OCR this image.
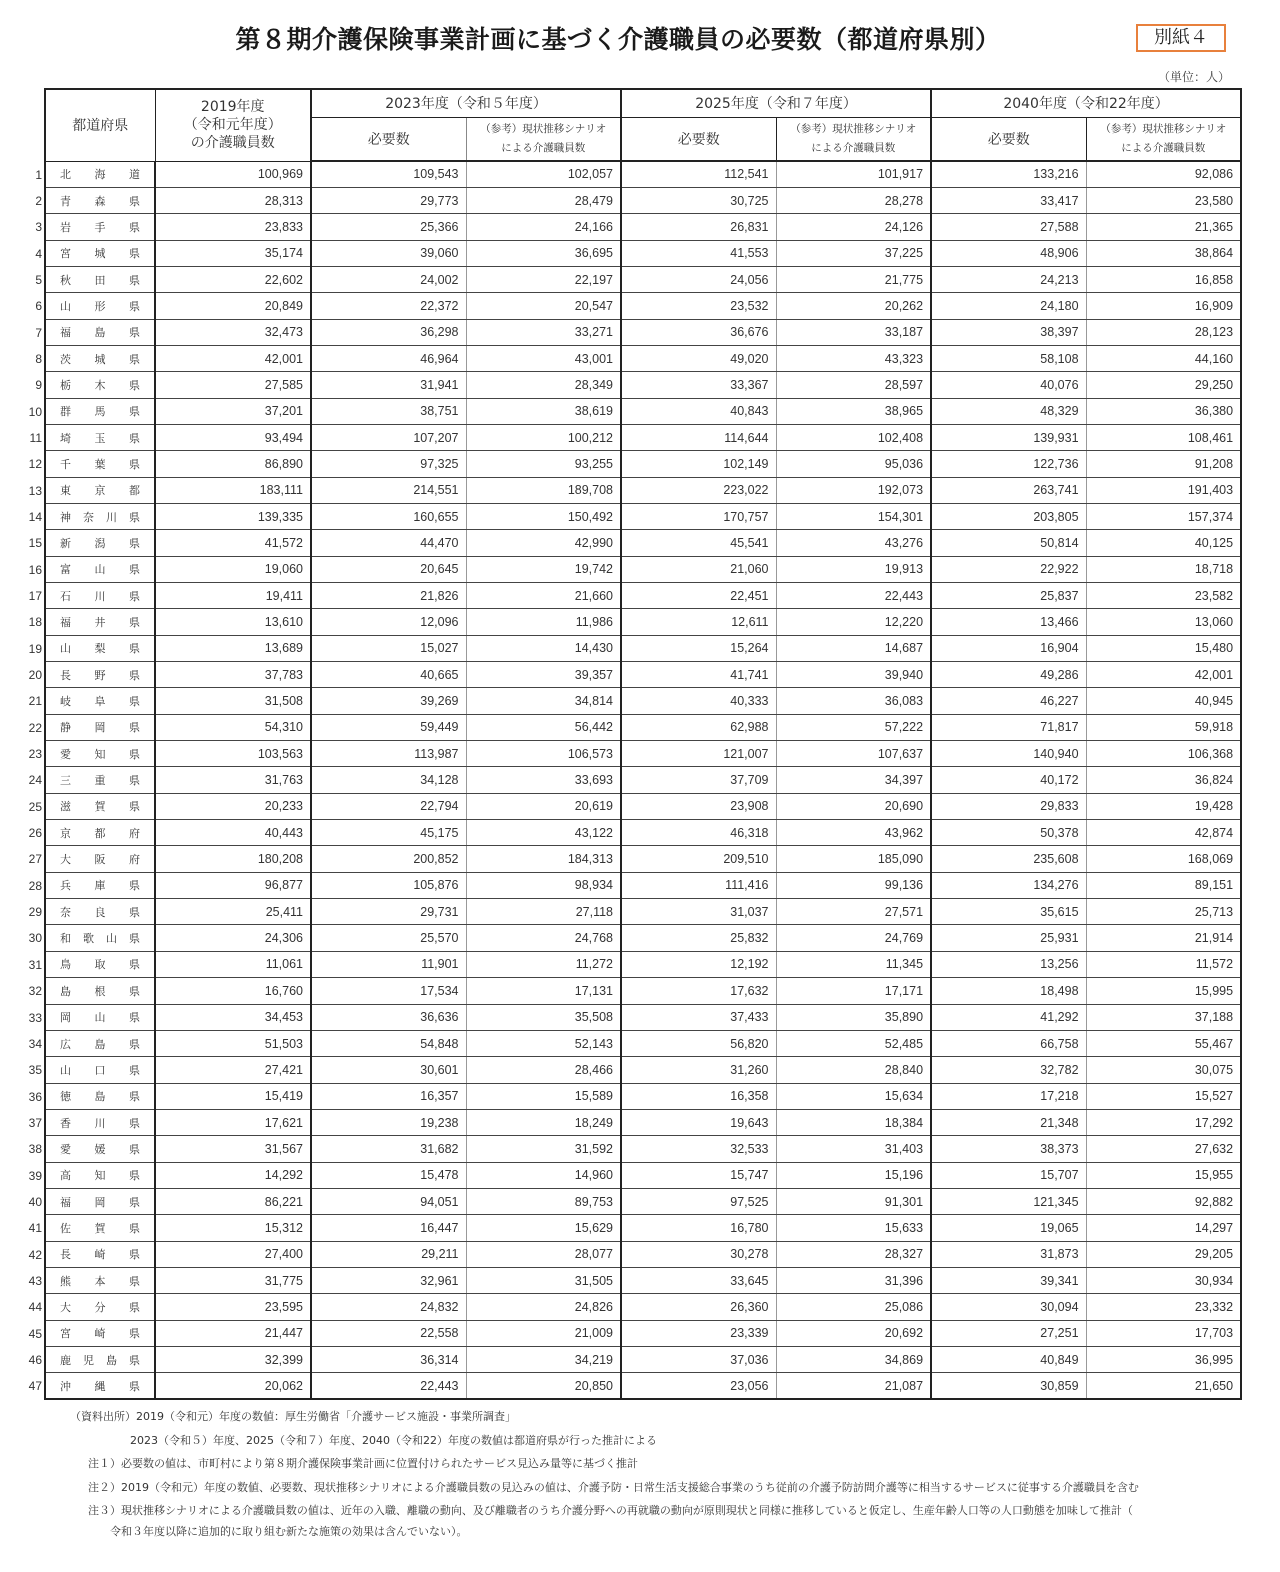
第８期介護保険事業計画に基づく介護職員の必要数（都道府県別）	別紙４
（単位：人）
都道府県	2019年度
（令和元年度）
の介護職員数	2023年度（令和５年度）		2025年度（令和７年度）		2040年度（令和22年度）	
必要数	
（参考）現状推移シナリオ
による介護職員数	必要数	
（参考）現状推移シナリオ
による介護職員数	必要数	
（参考）現状推移シナリオ
による介護職員数

1 北 海 道	100,969	109,543	102,057	112,541	101,917	133,216	92,086

2 青 森 県	28,313	29,773	28,479	30,725	28,278	33,417	23,580

3 岩 手 県	23,833	25,366	24,166	26,831	24,126	27,588	21,365

4 宮 城 県	35,174	39,060	36,695	41,553	37,225	48,906	38,864

5 秋 田 県	22,602	24,002	22,197	24,056	21,775	24,213	16,858

6 山 形 県	20,849	22,372	20,547	23,532	20,262	24,180	16,909

7 福 島 県	32,473	36,298	33,271	36,676	33,187	38,397	28,123

8 茨 城 県	42,001	46,964	43,001	49,020	43,323	58,108	44,160

9 栃 木 県	27,585	31,941	28,349	33,367	28,597	40,076	29,250

10 群 馬 県	37,201	38,751	38,619	40,843	38,965	48,329	36,380

11 埼 玉 県	93,494	107,207	100,212	114,644	102,408	139,931	108,461

12 千 葉 県	86,890	97,325	93,255	102,149	95,036	122,736	91,208

13 東 京 都	183,111	214,551	189,708	223,022	192,073	263,741	191,403

14 神 奈 川 県	139,335	160,655	150,492	170,757	154,301	203,805	157,374

15 新 潟 県	41,572	44,470	42,990	45,541	43,276	50,814	40,125

16 富 山 県	19,060	20,645	19,742	21,060	19,913	22,922	18,718

17 石 川 県	19,411	21,826	21,660	22,451	22,443	25,837	23,582

18 福 井 県	13,610	12,096	11,986	12,611	12,220	13,466	13,060

19 山 梨 県	13,689	15,027	14,430	15,264	14,687	16,904	15,480

20 長 野 県	37,783	40,665	39,357	41,741	39,940	49,286	42,001

21 岐 阜 県	31,508	39,269	34,814	40,333	36,083	46,227	40,945

22 静 岡 県	54,310	59,449	56,442	62,988	57,222	71,817	59,918

23 愛 知 県	103,563	113,987	106,573	121,007	107,637	140,940	106,368

24 三 重 県	31,763	34,128	33,693	37,709	34,397	40,172	36,824

25 滋 賀 県	20,233	22,794	20,619	23,908	20,690	29,833	19,428

26 京 都 府	40,443	45,175	43,122	46,318	43,962	50,378	42,874

27 大 阪 府	180,208	200,852	184,313	209,510	185,090	235,608	168,069

28 兵 庫 県	96,877	105,876	98,934	111,416	99,136	134,276	89,151

29 奈 良 県	25,411	29,731	27,118	31,037	27,571	35,615	25,713

30 和 歌 山 県	24,306	25,570	24,768	25,832	24,769	25,931	21,914

31 鳥 取 県	11,061	11,901	11,272	12,192	11,345	13,256	11,572

32 島 根 県	16,760	17,534	17,131	17,632	17,171	18,498	15,995

33 岡 山 県	34,453	36,636	35,508	37,433	35,890	41,292	37,188

34 広 島 県	51,503	54,848	52,143	56,820	52,485	66,758	55,467

35 山 口 県	27,421	30,601	28,466	31,260	28,840	32,782	30,075

36 徳 島 県	15,419	16,357	15,589	16,358	15,634	17,218	15,527

37 香 川 県	17,621	19,238	18,249	19,643	18,384	21,348	17,292

38 愛 媛 県	31,567	31,682	31,592	32,533	31,403	38,373	27,632

39 高 知 県	14,292	15,478	14,960	15,747	15,196	15,707	15,955

40 福 岡 県	86,221	94,051	89,753	97,525	91,301	121,345	92,882

41 佐 賀 県	15,312	16,447	15,629	16,780	15,633	19,065	14,297

42 長 崎 県	27,400	29,211	28,077	30,278	28,327	31,873	29,205

43 熊 本 県	31,775	32,961	31,505	33,645	31,396	39,341	30,934

44 大 分 県	23,595	24,832	24,826	26,360	25,086	30,094	23,332

45 宮 崎 県	21,447	22,558	21,009	23,339	20,692	27,251	17,703

46 鹿 児 島 県	32,399	36,314	34,219	37,036	34,869	40,849	36,995

47 沖 縄 県	20,062	22,443	20,850	23,056	21,087	30,859	21,650
（資料出所）2019（令和元）年度の数値：厚生労働省「介護サービス施設・事業所調査」
2023（令和５）年度、2025（令和７）年度、2040（令和22）年度の数値は都道府県が行った推計による
注１）必要数の値は、市町村により第８期介護保険事業計画に位置付けられたサービス見込み量等に基づく推計
注２）2019（令和元）年度の数値、必要数、現状推移シナリオによる介護職員数の見込みの値は、介護予防・日常生活支援総合事業のうち従前の介護予防訪問介護等に相当するサービスに従事する介護職員を含む
注３）現状推移シナリオによる介護職員数の値は、近年の入職、離職の動向、及び離職者のうち介護分野への再就職の動向が原則現状と同様に推移していると仮定し、生産年齢人口等の人口動態を加味して推計（
令和３年度以降に追加的に取り組む新たな施策の効果は含んでいない）。
